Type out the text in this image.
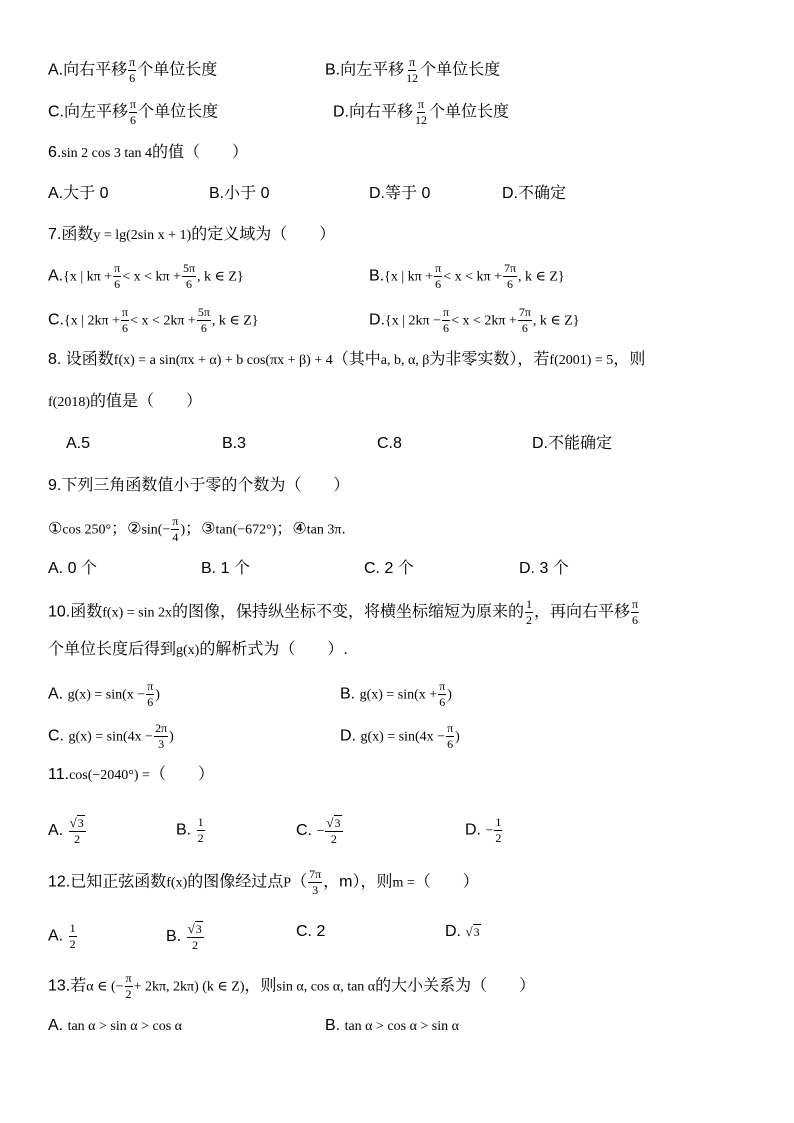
A.向右平移 $\frac{\pi}{6}$ 个单位长度	B.向左平移 $\frac{\pi}{12}$ 个单位长度
C.向左平移 $\frac{\pi}{6}$ 个单位长度	D.向右平移 $\frac{\pi}{12}$ 个单位长度
6.sin 2 cos 3 tan 4的值（　　）
A.大于 0	B.小于 0	D.等于 0	D.不确定
7.函数y = lg(2sin x + 1)的定义域为（　　）
A.{x | $k\pi + \frac{\pi}{6} < x < k\pi + \frac{5\pi}{6}$ , k ∈ Z}	B.{x | $k\pi + \frac{\pi}{6} < x < k\pi + \frac{7\pi}{6}$ , k ∈ Z}
C.{x | $2k\pi + \frac{\pi}{6} < x < 2k\pi + \frac{5\pi}{6}$ , k ∈ Z}	D.{x | $2k\pi - \frac{\pi}{6} < x < 2k\pi + \frac{7\pi}{6}$ , k ∈ Z}
8. 设函数f(x) = a sin(πx + α) + b cos(πx + β) + 4（其中a, b, α, β为非零实数），若f(2001) = 5，则
f(2018)的值是（　　）
A.5	B.3	C.8	D.不能确定
9.下列三角函数值小于零的个数为（　　）
①cos 250°；②sin(− $\frac{\pi}{4}$ )；③tan(−672°)；④tan 3π.
A. 0 个	B. 1 个	C. 2 个	D. 3 个
10.函数f(x) = sin 2x的图像，保持纵坐标不变，将横坐标缩短为原来的 $\frac{1}{2}$ ，再向右平移 $\frac{\pi}{6}$
个单位长度后得到g(x)的解析式为（　　）.
A. $g(x) = \sin(x - \frac{\pi}{6}$ )	B. $g(x) = \sin(x + \frac{\pi}{6}$ )
C. $g(x) = \sin(4x - \frac{2\pi}{3}$ )	D. $g(x) = \sin(4x - \frac{\pi}{6}$ )
11.cos(−2040°) =（　　）
A. $\frac{√3}{2}$	B. $\frac{1}{2}$	C. − $\frac{√3}{2}$	D. − $\frac{1}{2}$
12.已知正弦函数f(x)的图像经过点$P( \frac{7\pi}{3}$ ，m），则m =（　　）
A. $\frac{1}{2}$	B. $\frac{√3}{2}$	C. 2	D. √3
13.若α ∈ (− $\frac{\pi}{2} + 2k\pi$, 2kπ) (k ∈ Z)，则sin α, cos α, tan α的大小关系为（　　）
A. tan α > sin α > cos α	B. tan α > cos α > sin α
